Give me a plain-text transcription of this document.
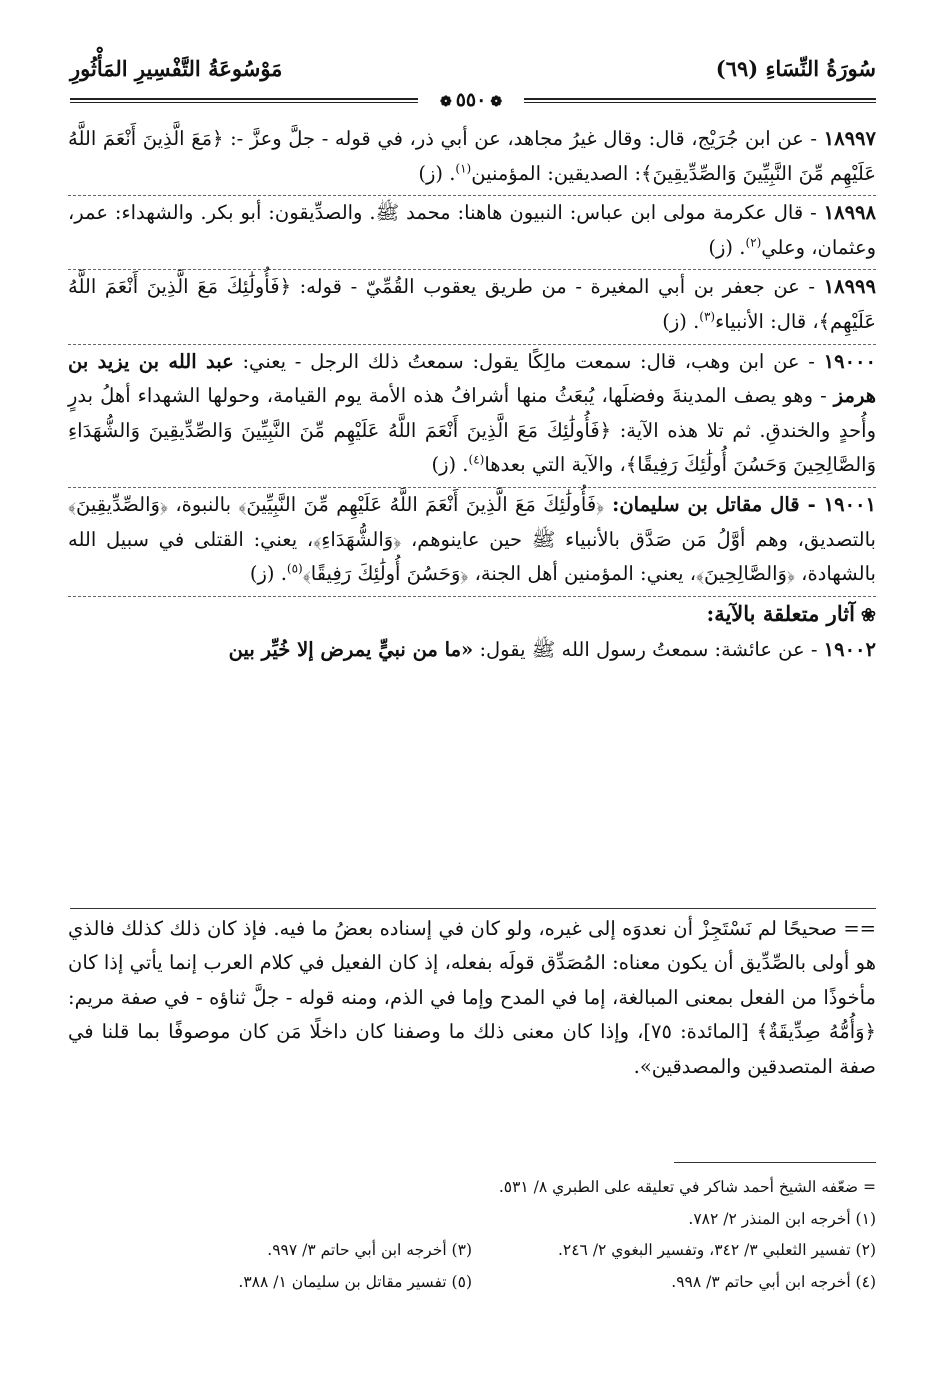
سُورَةُ النِّسَاءِ (٦٩)
مَوْسُوعَةُ التَّفْسِيرِ المَأْثُورِ
❁ ٥٥٠ ❁

١٨٩٩٧ - عن ابن جُرَيْج، قال: وقال غيرُ مجاهد، عن أبي ذر، في قوله - جلَّ وعزَّ -: ﴿مَعَ الَّذِينَ أَنْعَمَ اللَّهُ عَلَيْهِم مِّنَ النَّبِيِّينَ وَالصِّدِّيقِينَ﴾: الصديقين: المؤمنين$^{(١)}$. (ز)

١٨٩٩٨ - قال عكرمة مولى ابن عباس: النبيون هاهنا: محمد ﷺ. والصدِّيقون: أبو بكر. والشهداء: عمر، وعثمان، وعلي$^{(٢)}$. (ز)

١٨٩٩٩ - عن جعفر بن أبي المغيرة - من طريق يعقوب القُمِّيّ - قوله: ﴿فَأُولَٰئِكَ مَعَ الَّذِينَ أَنْعَمَ اللَّهُ عَلَيْهِم﴾، قال: الأنبياء$^{(٣)}$. (ز)

١٩٠٠٠ - عن ابن وهب، قال: سمعت مالِكًا يقول: سمعتُ ذلك الرجل - يعني: عبد الله بن يزيد بن هرمز - وهو يصف المدينةَ وفضلَها، يُبعَثُ منها أشرافُ هذه الأمة يوم القيامة، وحولها الشهداء أهلُ بدرٍ وأُحدٍ والخندقِ. ثم تلا هذه الآية: ﴿فَأُولَٰئِكَ مَعَ الَّذِينَ أَنْعَمَ اللَّهُ عَلَيْهِم مِّنَ النَّبِيِّينَ وَالصِّدِّيقِينَ وَالشُّهَدَاءِ وَالصَّالِحِينَ وَحَسُنَ أُولَٰئِكَ رَفِيقًا﴾، والآية التي بعدها$^{(٤)}$. (ز)

١٩٠٠١ - قال مقاتل بن سليمان: ﴿فَأُولَٰئِكَ مَعَ الَّذِينَ أَنْعَمَ اللَّهُ عَلَيْهِم مِّنَ النَّبِيِّينَ﴾ بالنبوة، ﴿وَالصِّدِّيقِينَ﴾ بالتصديق، وهم أوَّلُ مَن صَدَّق بالأنبياء ﷺ حين عاينوهم، ﴿وَالشُّهَدَاءِ﴾، يعني: القتلى في سبيل الله بالشهادة، ﴿وَالصَّالِحِينَ﴾، يعني: المؤمنين أهل الجنة، ﴿وَحَسُنَ أُولَٰئِكَ رَفِيقًا﴾$^{(٥)}$. (ز)

❀آثار متعلقة بالآية:

١٩٠٠٢ - عن عائشة: سمعتُ رسول الله ﷺ يقول: «ما من نبيٍّ يمرض إلا خُيِّر بين

== صحيحًا لم نَسْتَجِزْ أن نعدوَه إلى غيره، ولو كان في إسناده بعضُ ما فيه. فإذ كان ذلك كذلك فالذي هو أولى بالصِّدِّيق أن يكون معناه: المُصَدِّق قولَه بفعله، إذ كان الفعيل في كلام العرب إنما يأتي إذا كان مأخوذًا من الفعل بمعنى المبالغة، إما في المدح وإما في الذم، ومنه قوله - جلَّ ثناؤه - في صفة مريم: ﴿وَأُمُّهُ صِدِّيقَةٌ﴾ [المائدة: ٧٥]، وإذا كان معنى ذلك ما وصفنا كان داخلًا مَن كان موصوفًا بما قلنا في صفة المتصدقين والمصدقين».

= ضعّفه الشيخ أحمد شاكر في تعليقه على الطبري ٨/ ٥٣١.

(١) أخرجه ابن المنذر ٢/ ٧٨٢.

(٢) تفسير الثعلبي ٣/ ٣٤٢، وتفسير البغوي ٢/ ٢٤٦.

(٣) أخرجه ابن أبي حاتم ٣/ ٩٩٧.

(٤) أخرجه ابن أبي حاتم ٣/ ٩٩٨.

(٥) تفسير مقاتل بن سليمان ١/ ٣٨٨.
